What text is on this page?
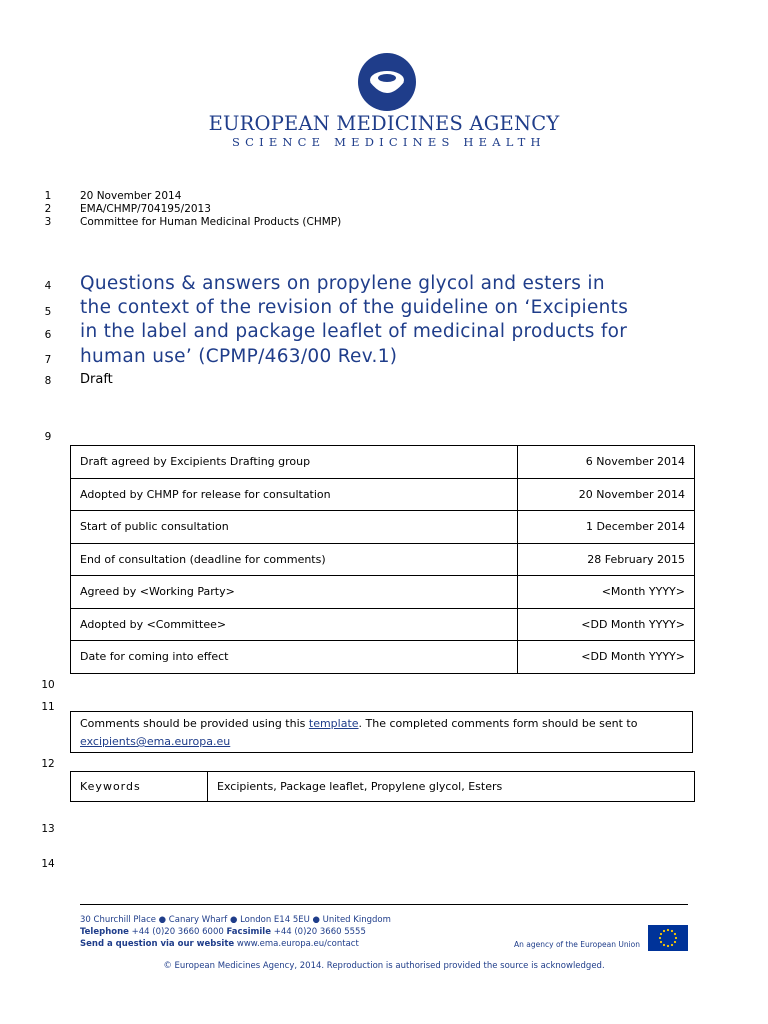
EUROPEAN MEDICINES AGENCY
SCIENCE MEDICINES HEALTH
1	20 November 2014
2	EMA/CHMP/704195/2013
3	Committee for Human Medicinal Products (CHMP)
4	Questions & answers on propylene glycol and esters in
5	the context of the revision of the guideline on ‘Excipients
6	in the label and package leaflet of medicinal products for
7	human use’ (CPMP/463/00 Rev.1)
8	Draft
9
Draft agreed by Excipients Drafting group	6 November 2014
Adopted by CHMP for release for consultation	20 November 2014
Start of public consultation	1 December 2014
End of consultation (deadline for comments)	28 February 2015
Agreed by <Working Party>	<Month YYYY>
Adopted by <Committee>	<DD Month YYYY>
Date for coming into effect	<DD Month YYYY>
10
11
Comments should be provided using this template. The completed comments form should be sent to
excipients@ema.europa.eu
12
Keywords	Excipients, Package leaflet, Propylene glycol, Esters
13
14
30 Churchill Place ● Canary Wharf ● London E14 5EU ● United Kingdom
Telephone +44 (0)20 3660 6000 Facsimile +44 (0)20 3660 5555
Send a question via our website www.ema.europa.eu/contact	An agency of the European Union
© European Medicines Agency, 2014. Reproduction is authorised provided the source is acknowledged.
